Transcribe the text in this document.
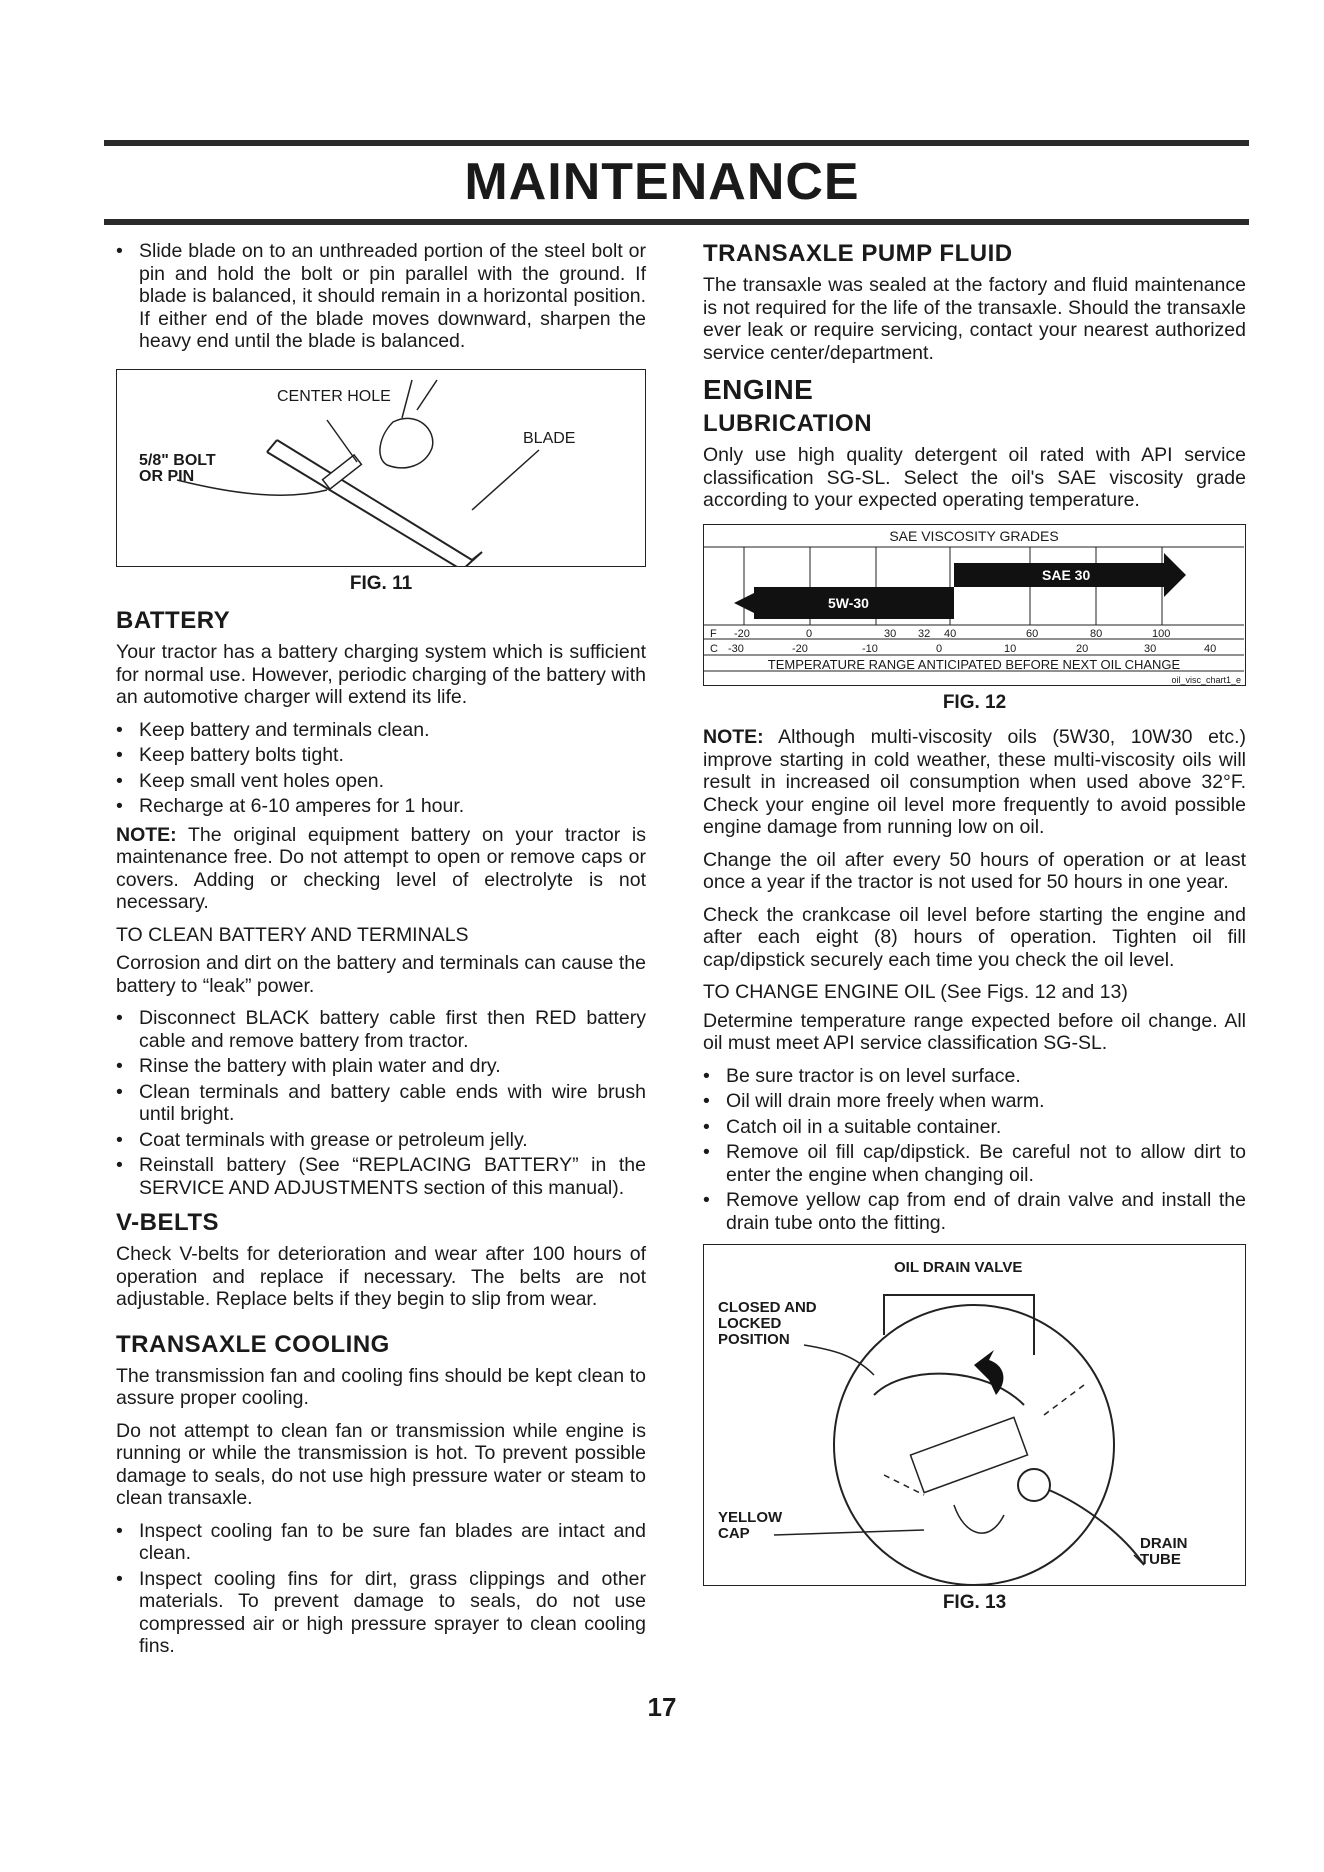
MAINTENANCE
• Slide blade on to an unthreaded portion of the steel bolt or pin and hold the bolt or pin parallel with the ground. If blade is balanced, it should remain in a horizontal position. If either end of the blade moves downward, sharpen the heavy end until the blade is balanced.
CENTER HOLE
BLADE
5/8" BOLT
OR PIN
FIG. 11
BATTERY

Your tractor has a battery charging system which is sufficient for normal use. However, periodic charging of the battery with an automotive charger will extend its life.

• Keep battery and terminals clean.
• Keep battery bolts tight.
• Keep small vent holes open.
• Recharge at 6-10 amperes for 1 hour.

NOTE: The original equipment battery on your tractor is maintenance free. Do not attempt to open or remove caps or covers. Adding or checking level of electrolyte is not necessary.

TO CLEAN BATTERY AND TERMINALS

Corrosion and dirt on the battery and terminals can cause the battery to “leak” power.

• Disconnect BLACK battery cable first then RED battery cable and remove battery from tractor.
• Rinse the battery with plain water and dry.
• Clean terminals and battery cable ends with wire brush until bright.
• Coat terminals with grease or petroleum jelly.
• Reinstall battery (See “REPLACING BATTERY” in the SERVICE AND ADJUSTMENTS section of this manual).
V-BELTS

Check V-belts for deterioration and wear after 100 hours of operation and replace if necessary. The belts are not adjustable. Replace belts if they begin to slip from wear.

TRANSAXLE COOLING

The transmission fan and cooling fins should be kept clean to assure proper cooling.

Do not attempt to clean fan or transmission while engine is running or while the transmission is hot. To prevent possible damage to seals, do not use high pressure water or steam to clean transaxle.

• Inspect cooling fan to be sure fan blades are intact and clean.
• Inspect cooling fins for dirt, grass clippings and other materials. To prevent damage to seals, do not use compressed air or high pressure sprayer to clean cooling fins.
TRANSAXLE PUMP FLUID

The transaxle was sealed at the factory and fluid maintenance is not required for the life of the transaxle. Should the transaxle ever leak or require servicing, contact your nearest authorized service center/department.

ENGINE
LUBRICATION

Only use high quality detergent oil rated with API service classification SG-SL. Select the oil's SAE viscosity grade according to your expected operating temperature.

SAE VISCOSITY GRADES
SAE 30
5W-30
F -20	0	30 32 40	60	80	100
C -30	-20	-10	0	10	20	30	40
TEMPERATURE RANGE ANTICIPATED BEFORE NEXT OIL CHANGE
oil_visc_chart1_e
FIG. 12

NOTE: Although multi-viscosity oils (5W30, 10W30 etc.) improve starting in cold weather, these multi-viscosity oils will result in increased oil consumption when used above 32°F. Check your engine oil level more frequently to avoid possible engine damage from running low on oil.

Change the oil after every 50 hours of operation or at least once a year if the tractor is not used for 50 hours in one year.

Check the crankcase oil level before starting the engine and after each eight (8) hours of operation. Tighten oil fill cap/dipstick securely each time you check the oil level.

TO CHANGE ENGINE OIL (See Figs. 12 and 13)

Determine temperature range expected before oil change. All oil must meet API service classification SG-SL.

• Be sure tractor is on level surface.
• Oil will drain more freely when warm.
• Catch oil in a suitable container.
• Remove oil fill cap/dipstick. Be careful not to allow dirt to enter the engine when changing oil.
• Remove yellow cap from end of drain valve and install the drain tube onto the fitting.
OIL DRAIN VALVE
CLOSED AND
LOCKED
POSITION
YELLOW
CAP
DRAIN
TUBE
FIG. 13
17
